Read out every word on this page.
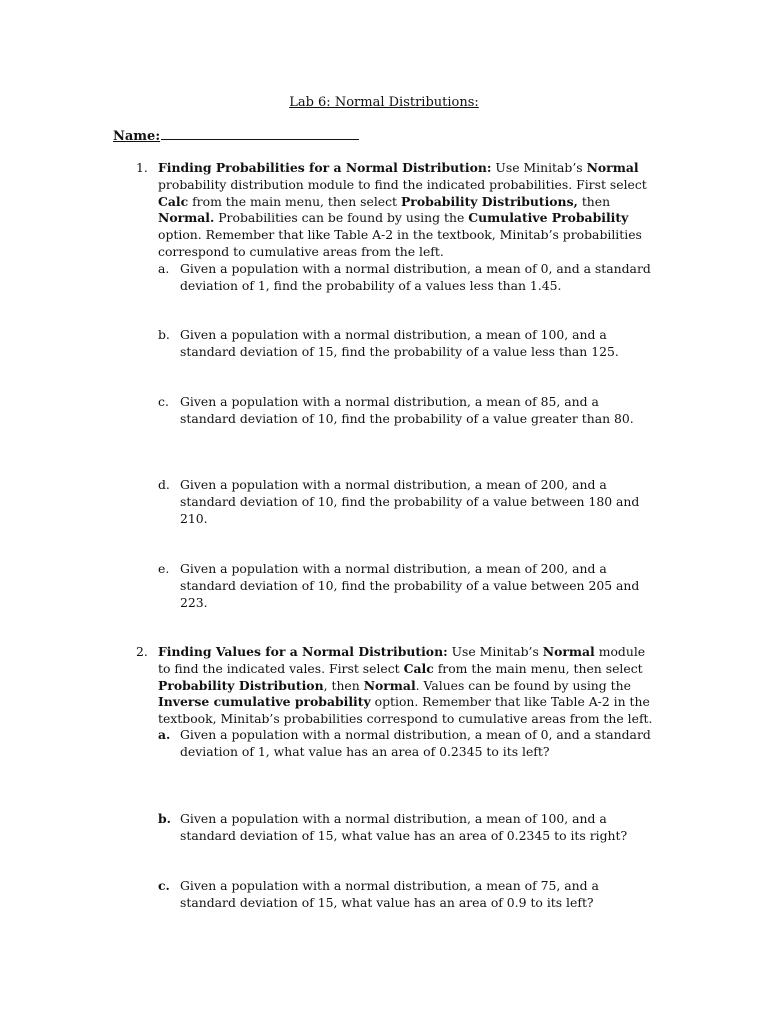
Lab 6: Normal Distributions:
Name:
1. Finding Probabilities for a Normal Distribution: Use Minitab’s Normal probability distribution module to find the indicated probabilities. First select Calc from the main menu, then select Probability Distributions, then Normal. Probabilities can be found by using the Cumulative Probability option. Remember that like Table A-2 in the textbook, Minitab’s probabilities correspond to cumulative areas from the left.
a. Given a population with a normal distribution, a mean of 0, and a standard deviation of 1, find the probability of a values less than 1.45.
b. Given a population with a normal distribution, a mean of 100, and a standard deviation of 15, find the probability of a value less than 125.
c. Given a population with a normal distribution, a mean of 85, and a standard deviation of 10, find the probability of a value greater than 80.
d. Given a population with a normal distribution, a mean of 200, and a standard deviation of 10, find the probability of a value between 180 and 210.
e. Given a population with a normal distribution, a mean of 200, and a standard deviation of 10, find the probability of a value between 205 and 223.
2. Finding Values for a Normal Distribution: Use Minitab’s Normal module to find the indicated vales. First select Calc from the main menu, then select Probability Distribution, then Normal. Values can be found by using the Inverse cumulative probability option. Remember that like Table A-2 in the textbook, Minitab’s probabilities correspond to cumulative areas from the left.
a. Given a population with a normal distribution, a mean of 0, and a standard deviation of 1, what value has an area of 0.2345 to its left?
b. Given a population with a normal distribution, a mean of 100, and a standard deviation of 15, what value has an area of 0.2345 to its right?
c. Given a population with a normal distribution, a mean of 75, and a standard deviation of 15, what value has an area of 0.9 to its left?
